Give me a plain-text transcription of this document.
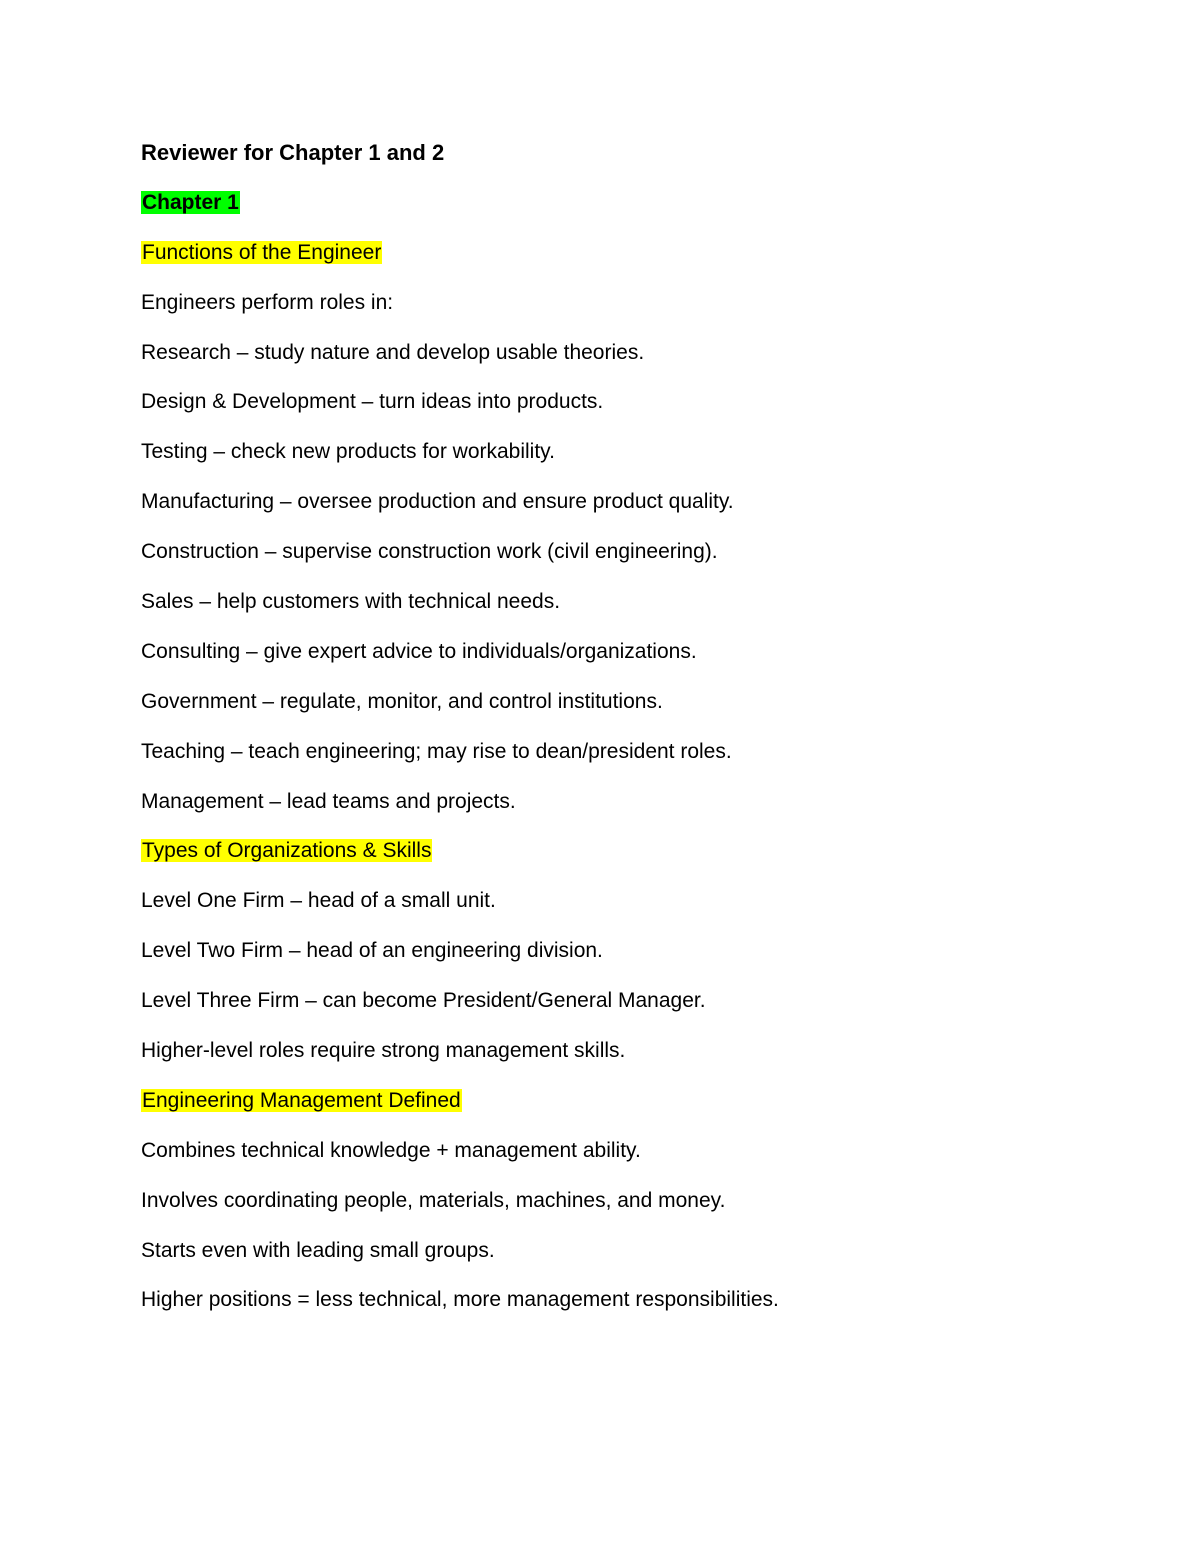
Reviewer for Chapter 1 and 2
Chapter 1
Functions of the Engineer
Engineers perform roles in:
Research – study nature and develop usable theories.
Design & Development – turn ideas into products.
Testing – check new products for workability.
Manufacturing – oversee production and ensure product quality.
Construction – supervise construction work (civil engineering).
Sales – help customers with technical needs.
Consulting – give expert advice to individuals/organizations.
Government – regulate, monitor, and control institutions.
Teaching – teach engineering; may rise to dean/president roles.
Management – lead teams and projects.
Types of Organizations & Skills
Level One Firm – head of a small unit.
Level Two Firm – head of an engineering division.
Level Three Firm – can become President/General Manager.
Higher-level roles require strong management skills.
Engineering Management Defined
Combines technical knowledge + management ability.
Involves coordinating people, materials, machines, and money.
Starts even with leading small groups.
Higher positions = less technical, more management responsibilities.
